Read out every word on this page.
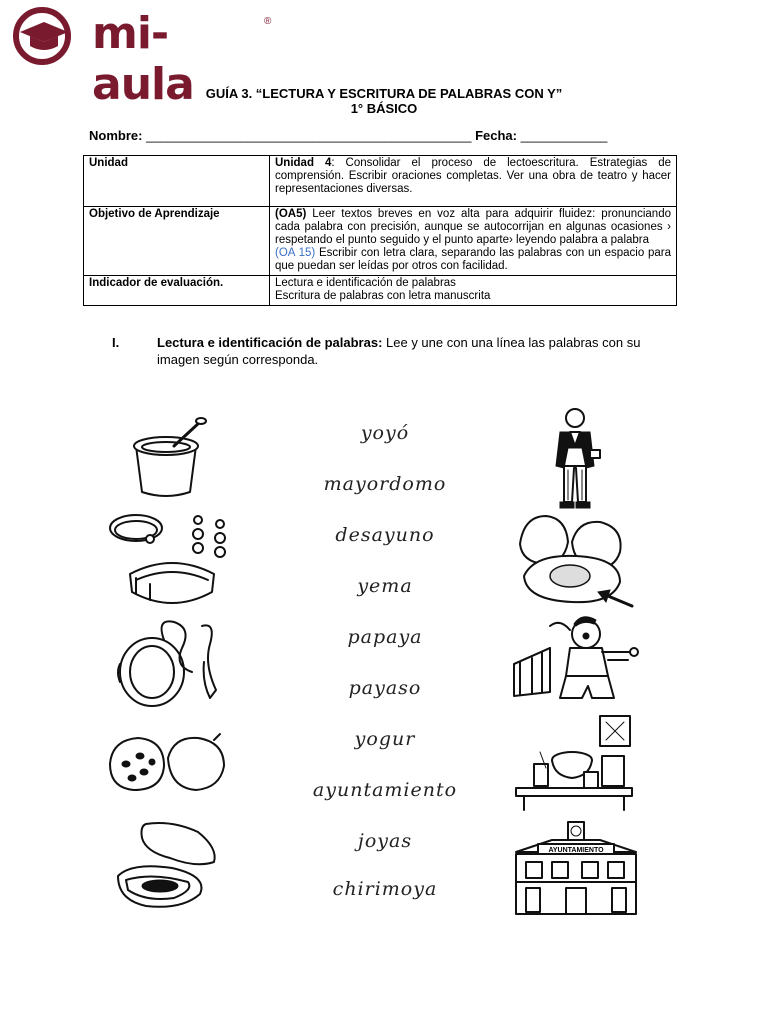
mi-aula
®
GUÍA 3. “LECTURA Y ESCRITURA DE PALABRAS CON Y”
1° BÁSICO
Nombre: _____________________________________________ Fecha: ____________
Unidad	Unidad 4: Consolidar el proceso de lectoescritura. Estrategias de comprensión. Escribir oraciones completas. Ver una obra de teatro y hacer representaciones diversas.
Objetivo de Aprendizaje	(OA5) Leer textos breves en voz alta para adquirir fluidez: pronunciando cada palabra con precisión, aunque se autocorrijan en algunas ocasiones › respetando el punto seguido y el punto aparte› leyendo palabra a palabra
(OA 15) Escribir con letra clara, separando las palabras con un espacio para que puedan ser leídas por otros con facilidad.
Indicador de evaluación.	Lectura e identificación de palabras
Escritura de palabras con letra manuscrita
I.	Lectura e identificación de palabras: Lee y une con una línea las palabras con su imagen según corresponda.
yoyó
mayordomo
desayuno
yema
papaya
payaso
yogur
ayuntamiento
joyas
chirimoya
AYUNTAMIENTO
